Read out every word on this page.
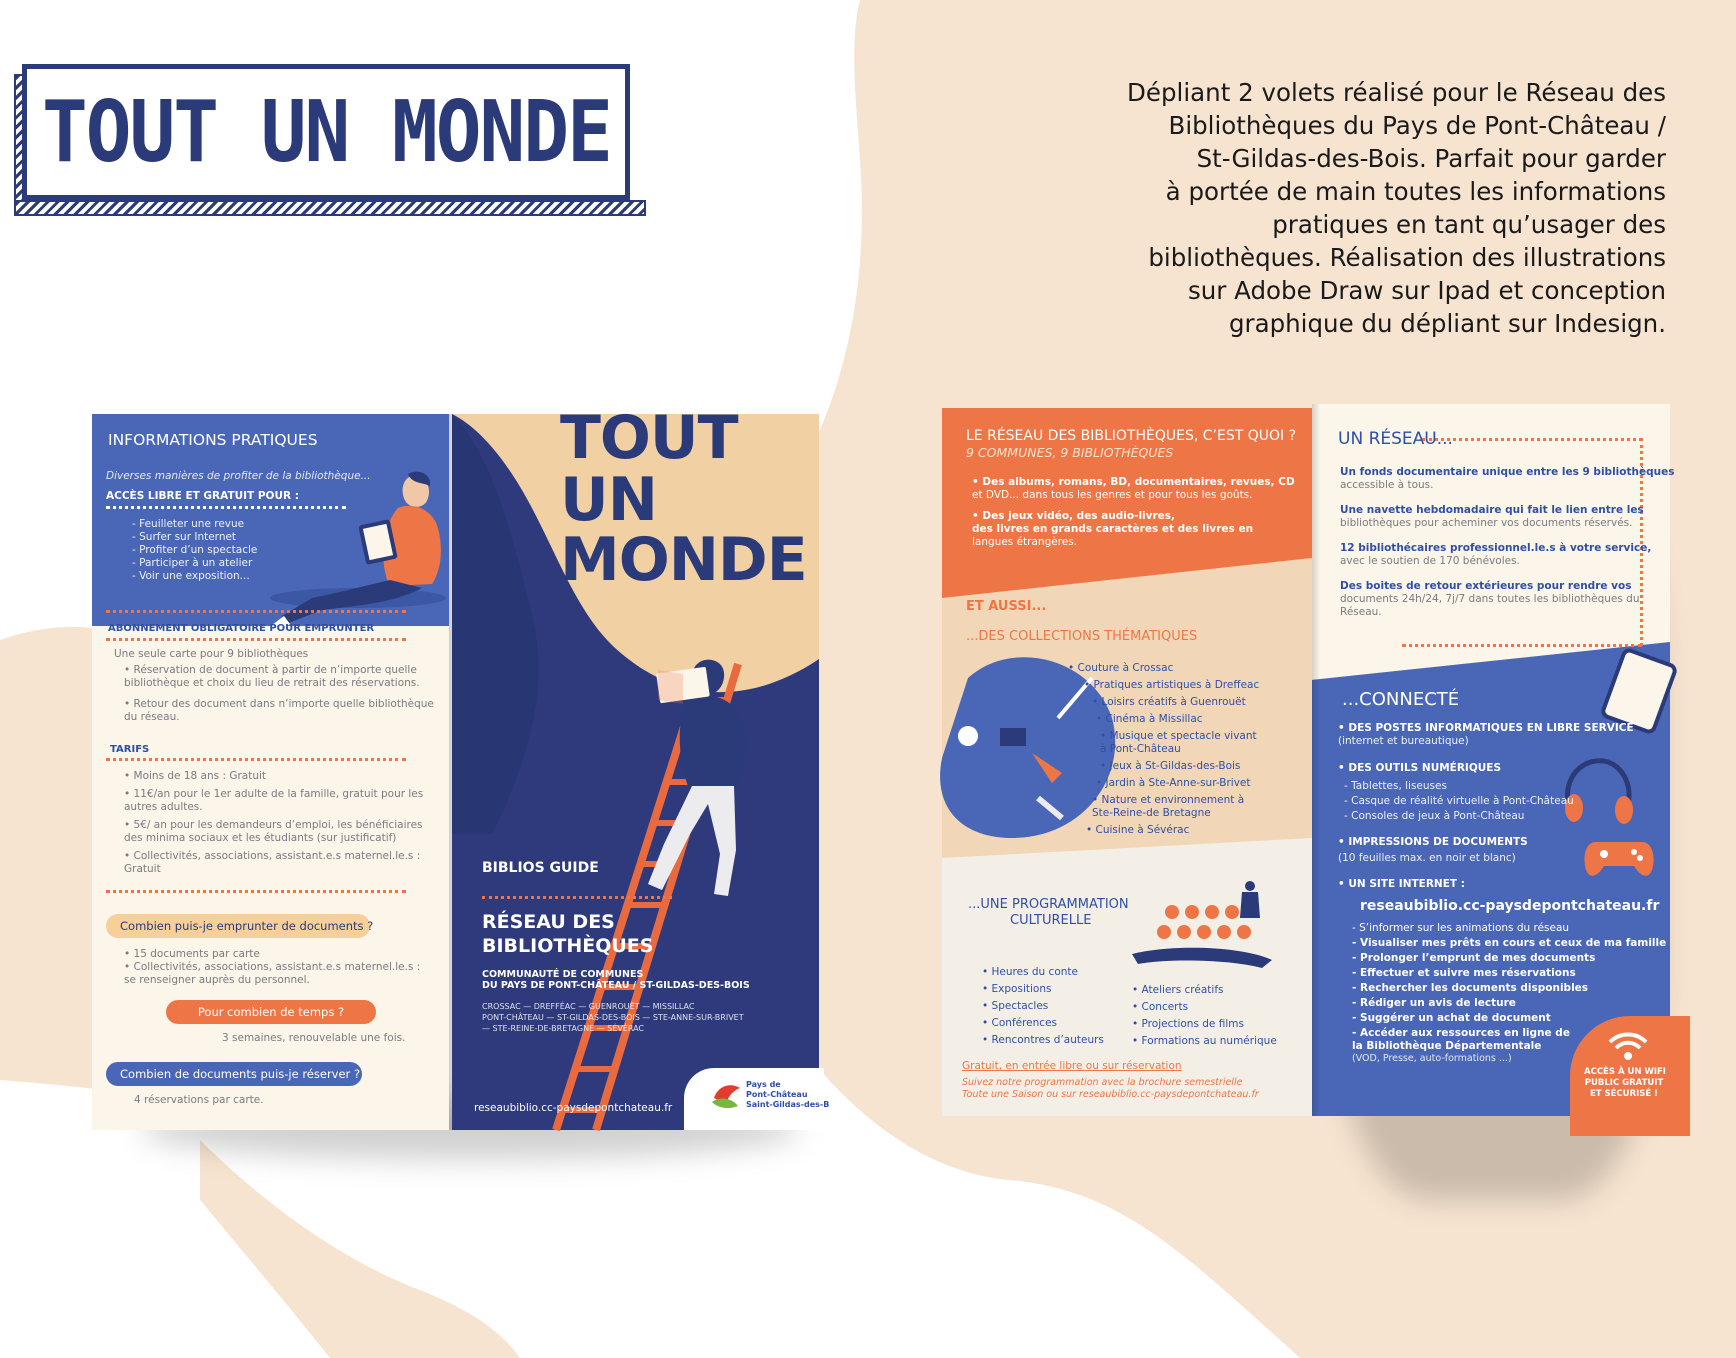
TOUT UN MONDE	Dépliant 2 volets réalisé pour le Réseau des
Bibliothèques du Pays de Pont-Château /
St-Gildas-des-Bois. Parfait pour garder
à portée de main toutes les informations
pratiques en tant qu’usager des
bibliothèques. Réalisation des illustrations
sur Adobe Draw sur Ipad et conception
graphique du dépliant sur Indesign.
INFORMATIONS PRATIQUES
Diverses manières de profiter de la bibliothèque...
ACCÈS LIBRE ET GRATUIT POUR :
- Feuilleter une revue
- Surfer sur Internet
- Profiter d’un spectacle
- Participer à un atelier
- Voir une exposition...
ABONNEMENT OBLIGATOIRE POUR EMPRUNTER
Une seule carte pour 9 bibliothèques
• Réservation de document à partir de n’importe quelle
bibliothèque et choix du lieu de retrait des réservations.
• Retour des document dans n’importe quelle bibliothèque
du réseau.
TARIFS
• Moins de 18 ans : Gratuit
• 11€/an pour le 1er adulte de la famille, gratuit pour les
autres adultes.
• 5€/ an pour les demandeurs d’emploi, les bénéficiaires
des minima sociaux et les étudiants (sur justificatif)
• Collectivités, associations, assistant.e.s maternel.le.s :
Gratuit
Combien puis-je emprunter de documents ?
• 15 documents par carte
• Collectivités, associations, assistant.e.s maternel.le.s :
se renseigner auprès du personnel.
Pour combien de temps ?
3 semaines, renouvelable une fois.
Combien de documents puis-je réserver ?
4 réservations par carte.
TOUT
UN
MONDE
BIBLIOS GUIDE
RÉSEAU DES
BIBLIOTHÈQUES
COMMUNAUTÉ DE COMMUNES
DU PAYS DE PONT-CHÂTEAU / ST-GILDAS-DES-BOIS
CROSSAC — DREFFÉAC — GUENROUËT — MISSILLAC
PONT-CHÂTEAU — ST-GILDAS-DES-BOIS — STE-ANNE-SUR-BRIVET
— STE-REINE-DE-BRETAGNE — SÉVÉRAC
reseaubiblio.cc-paysdepontchateau.fr
Pays de
Pont-Château
Saint-Gildas-des-B
LE RÉSEAU DES BIBLIOTHÈQUES, C’EST QUOI ?
9 COMMUNES, 9 BIBLIOTHÈQUES
• Des albums, romans, BD, documentaires, revues, CD
et DVD... dans tous les genres et pour tous les goûts.
• Des jeux vidéo, des audio-livres,
des livres en grands caractères et des livres en
langues étrangères.
ET AUSSI...
...DES COLLECTIONS THÉMATIQUES
• Couture à Crossac
• Pratiques artistiques à Dreffeac
• Loisirs créatifs à Guenrouët
• Cinéma à Missillac
• Musique et spectacle vivant
à Pont-Château
• Jeux à St-Gildas-des-Bois
• Jardin à Ste-Anne-sur-Brivet
• Nature et environnement à
Ste-Reine-de Bretagne
• Cuisine à Sévérac
...UNE PROGRAMMATION
CULTURELLE
• Heures du conte
• Expositions
• Spectacles
• Conférences
• Rencontres d’auteurs
• Ateliers créatifs
• Concerts
• Projections de films
• Formations au numérique
Gratuit, en entrée libre ou sur réservation
Suivez notre programmation avec la brochure semestrielle
Toute une Saison ou sur reseaubiblio.cc-paysdepontchateau.fr
UN RÉSEAU...
Un fonds documentaire unique entre les 9 bibliothèques
accessible à tous.
Une navette hebdomadaire qui fait le lien entre les
bibliothèques pour acheminer vos documents réservés.
12 bibliothécaires professionnel.le.s à votre service,
avec le soutien de 170 bénévoles.
Des boites de retour extérieures pour rendre vos
documents 24h/24, 7j/7 dans toutes les bibliothèques du
Réseau.
...CONNECTÉ
• DES POSTES INFORMATIQUES EN LIBRE SERVICE
(internet et bureautique)
• DES OUTILS NUMÉRIQUES
- Tablettes, liseuses
- Casque de réalité virtuelle à Pont-Château
- Consoles de jeux à Pont-Château
• IMPRESSIONS DE DOCUMENTS
(10 feuilles max. en noir et blanc)
• UN SITE INTERNET :
reseaubiblio.cc-paysdepontchateau.fr
- S’informer sur les animations du réseau
- Visualiser mes prêts en cours et ceux de ma famille
- Prolonger l’emprunt de mes documents
- Effectuer et suivre mes réservations
- Rechercher les documents disponibles
- Rédiger un avis de lecture
- Suggérer un achat de document
- Accéder aux ressources en ligne de
la Bibliothèque Départementale
(VOD, Presse, auto-formations ...)
ACCÈS À UN WIFI
PUBLIC GRATUIT
ET SÉCURISÉ !
